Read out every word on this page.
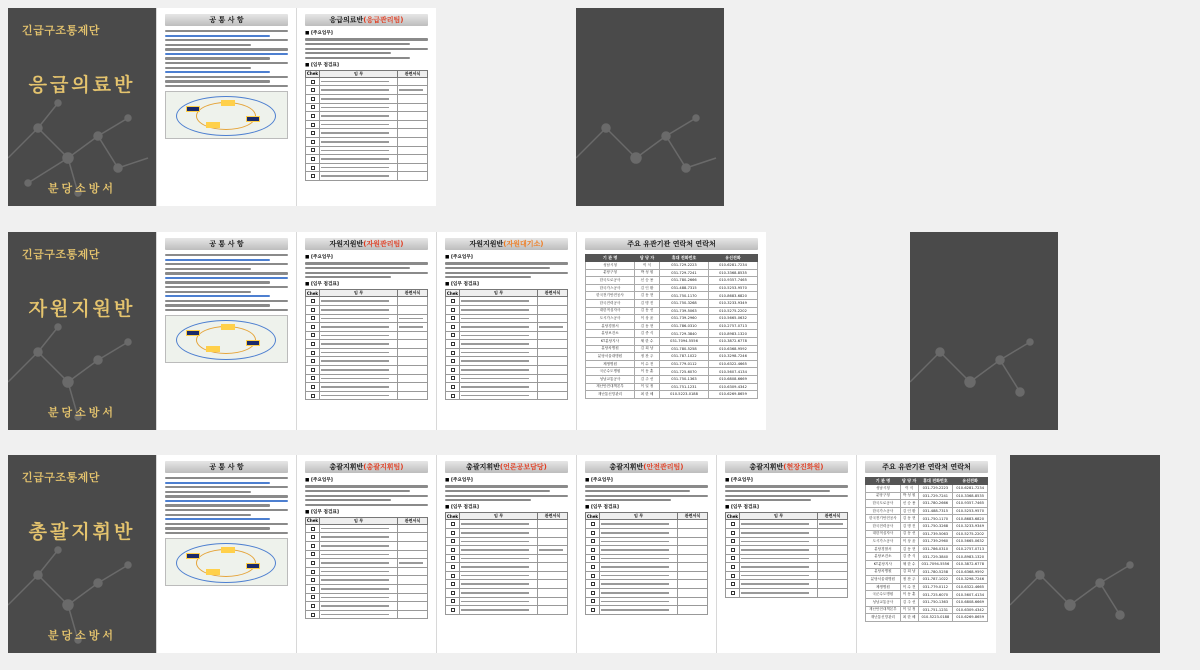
긴급구조통제단
응급의료반
분당소방서
공 통 사 항	응급의료반(응급관리팀)
■ [주요업무]
■ [임무 점검표]
Chek	임 무	관련서식

긴급구조통제단
자원지원반
분당소방서
공 통 사 항	자원지원반(자원관리팀)
■ [주요업무]
■ [임무 점검표]
Chek	임 무	관련서식

자원지원반(자원대기소)
■ [주요업무]
■ [임무 점검표]
Chek	임 무	관련서식

주요 유관기관 연락처 연락처
기 관 명	담 당 자	휴대 전화번호	유선전화
성남시청	이 식	031-729-2223	010-6281-7234
분당구청	박 성 원	031-729-7241	010-3368-8535
한국도로공사	신 승 용	031-780-2666	010-9357-7465
한국가스공사	김 인 환	031-488-7315	010-5253-9570
한국전기안전공사	김 동 현	031-750-1170	010-8683-6820
한국전력공사	김 명 진	031-750-3268	010-3233-9349
대한적십자사	김 동 선	031-739-5063	010-5275-2202
도시가스공사	이 상 윤	031-739-2960	010-5665-0632
분당경찰서	김 동 현	031-786-0310	010-2757-0713
분당보건소	김 종 식	031-729-3840	010-8983-1320
KT분당지사	채 한 수	031-7094-5556	010-3872-6778
분당차병원	김 희 남	031-780-5258	010-6368-9592
분당서울대병원	정 찬 주	031-787-1022	010-3298-7246
제생병원	이 수 전	031-779-0112	010-6322-4665
국군수도병원	이 동 훈	031-725-6070	010-5607-4134
성남교통공사	김 주 선	031-750-1363	010-6808-6669
재난안전대책본부	이 일 정	031-751-1231	010-6309-4342
재난통신망관리	최 한 혜	010-5223-0188	010-6269-8659
긴급구조통제단
총괄지휘반
분당소방서
공 통 사 항	총괄지휘반(총괄지휘팀)
■ [주요업무]
■ [임무 점검표]
Chek	임 무	관련서식

총괄지휘반(언론공보담당)
■ [주요업무]
■ [임무 점검표]
Chek	임 무	관련서식

총괄지휘반(안전관리팀)
■ [주요업무]
■ [임무 점검표]
Chek	임 무	관련서식

총괄지휘반(현장진화원)
■ [주요업무]
■ [임무 점검표]
Chek	임 무	관련서식

주요 유관기관 연락처 연락처
기 관 명	담 당 자	휴대 전화번호	유선전화
성남시청	이 식	031-729-2223	010-6281-7234
분당구청	박 성 원	031-729-7241	010-3368-8535
한국도로공사	신 승 용	031-780-2666	010-9357-7465
한국가스공사	김 인 환	031-488-7315	010-5253-9570
한국전기안전공사	김 동 현	031-750-1170	010-8683-6820
한국전력공사	김 명 진	031-750-3268	010-3233-9349
대한적십자사	김 동 선	031-739-5063	010-5275-2202
도시가스공사	이 상 윤	031-739-2960	010-5665-0632
분당경찰서	김 동 현	031-786-0310	010-2757-0713
분당보건소	김 종 식	031-729-3840	010-8983-1320
KT분당지사	채 한 수	031-7094-5556	010-3872-6778
분당차병원	김 희 남	031-780-5258	010-6368-9592
분당서울대병원	정 찬 주	031-787-1022	010-3298-7246
제생병원	이 수 전	031-779-0112	010-6322-4665
국군수도병원	이 동 훈	031-725-6070	010-5607-4134
성남교통공사	김 주 선	031-750-1363	010-6808-6669
재난안전대책본부	이 일 정	031-751-1231	010-6309-4342
재난통신망관리	최 한 혜	010-5223-0188	010-6269-8659
